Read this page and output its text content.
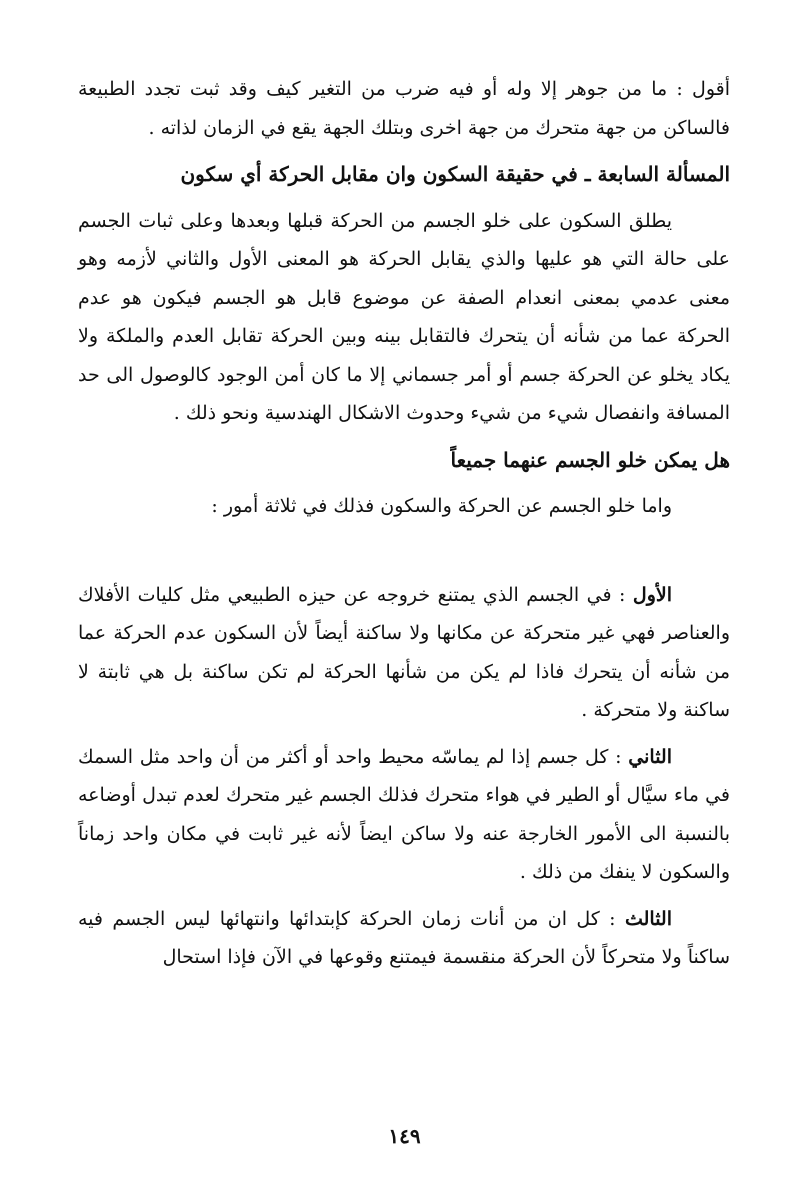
أقول : ما من جوهر إلا وله أو فيه ضرب من التغير كيف وقد ثبت تجدد الطبيعة فالساكن من جهة متحرك من جهة اخرى وبتلك الجهة يقع في الزمان لذاته .

المسألة السابعة ـ في حقيقة السكون وان مقابل الحركة أي سكون

يطلق السكون على خلو الجسم من الحركة قبلها وبعدها وعلى ثبات الجسم على حالة التي هو عليها والذي يقابل الحركة هو المعنى الأول والثاني لأزمه وهو معنى عدمي بمعنى انعدام الصفة عن موضوع قابل هو الجسم فيكون هو عدم الحركة عما من شأنه أن يتحرك فالتقابل بينه وبين الحركة تقابل العدم والملكة ولا يكاد يخلو عن الحركة جسم أو أمر جسماني إلا ما كان أمن الوجود كالوصول الى حد المسافة وانفصال شيء من شيء وحدوث الاشكال الهندسية ونحو ذلك .

هل يمكن خلو الجسم عنهما جميعاً

واما خلو الجسم عن الحركة والسكون فذلك في ثلاثة أمور :

الأول : في الجسم الذي يمتنع خروجه عن حيزه الطبيعي مثل كليات الأفلاك والعناصر فهي غير متحركة عن مكانها ولا ساكنة أيضاً لأن السكون عدم الحركة عما من شأنه أن يتحرك فاذا لم يكن من شأنها الحركة لم تكن ساكنة بل هي ثابتة لا ساكنة ولا متحركة .

الثاني : كل جسم إذا لم يماسّه محيط واحد أو أكثر من أن واحد مثل السمك في ماء سيَّال أو الطير في هواء متحرك فذلك الجسم غير متحرك لعدم تبدل أوضاعه بالنسبة الى الأمور الخارجة عنه ولا ساكن ايضاً لأنه غير ثابت في مكان واحد زماناً والسكون لا ينفك من ذلك .

الثالث : كل ان من أنات زمان الحركة كإبتدائها وانتهائها ليس الجسم فيه ساكناً ولا متحركاً لأن الحركة منقسمة فيمتنع وقوعها في الآن فإذا استحال

١٤٩
